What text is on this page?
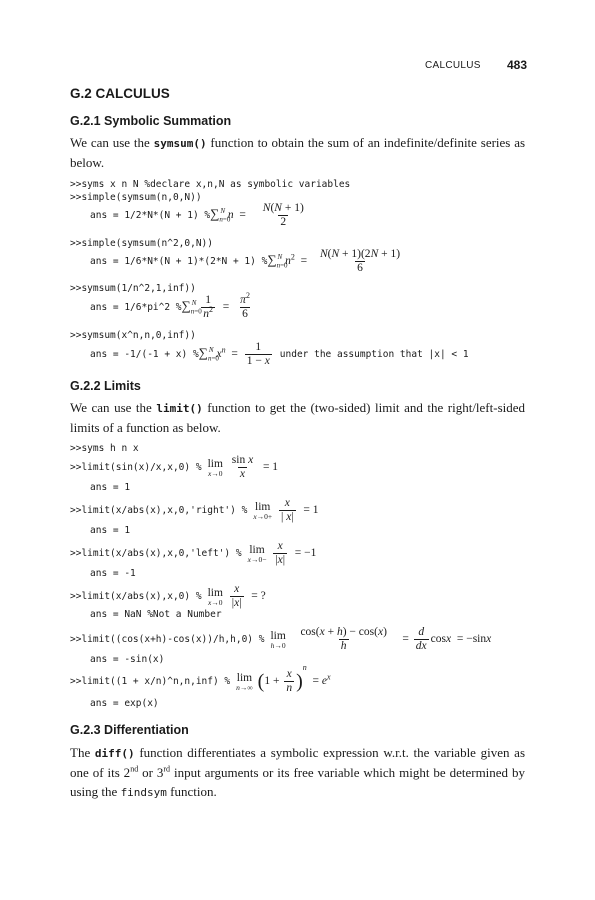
CALCULUS 483
G.2 CALCULUS
G.2.1 Symbolic Summation
We can use the symsum() function to obtain the sum of an indefinite/definite series as below.
>>syms x n N %declare x,n,N as symbolic variables
>>simple(symsum(n,0,N))
ans = 1/2*N*(N + 1) % $\sum_{n=0}^N$ $n = \frac{N(N + 1)}{2}$
>>simple(symsum(n^2,0,N))
ans = 1/6*N*(N + 1)*(2*N + 1) % $\sum_{n=0}^N$ $n^2 = \frac{N(N + 1)(2N + 1)}{6}$
>>symsum(1/n^2,1,inf))
ans = 1/6*pi^2 % $\sum_{n=0}^N \frac{1}{n^2} = \frac{\pi^2}{6}$
>>symsum(x^n,n,0,inf))
ans = -1/(-1 + x) % $\sum_{n=0}^N$ $x^n = \frac{1}{1 - x}$ under the assumption that |x| < 1
G.2.2 Limits
We can use the limit() function to get the (two-sided) limit and the right/left-sided limits of a function as below.
>>syms h n x
>>limit(sin(x)/x,x,0) % lim
x→0
$\frac{\text{sin x}}{x} = 1$
ans = 1
>>limit(x/abs(x),x,0,'right') % lim
x→0+
$\frac{x}{| x|} = 1$
ans = 1
>>limit(x/abs(x),x,0,'left') % lim
x→0−
$\frac{x}{|x|} = -1$
ans = -1
>>limit(x/abs(x),x,0) % lim
x→0
$\frac{x}{|x|}$ = ?
ans = NaN %Not a Number
>>limit((cos(x+h)-cos(x))/h,h,0) % lim
h→0
$\frac{\cos(x + h) - \cos(x)}{h} = \frac{d}{dx}$ cosx  = −sinx
ans = -sin(x)
>>limit((1 + x/n)^n,n,inf) % lim
n→∞ $(1 + \frac{x}{n} )^n = e^x$
ans = exp(x)
G.2.3 Differentiation
The diff() function differentiates a symbolic expression w.r.t. the variable given as one of its 2nd or 3rd input arguments or its free variable which might be determined by using the findsym function.
